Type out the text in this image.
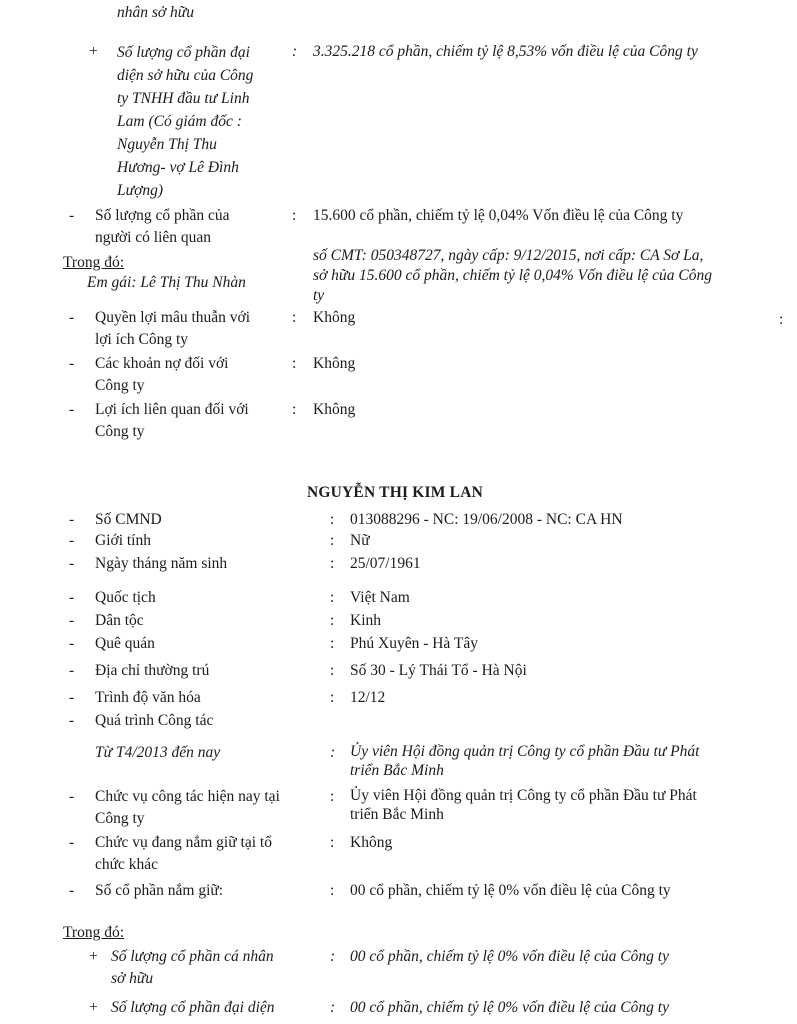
nhân sở hữu
+ Số lượng cổ phần đại
diện sở hữu của Công
ty TNHH đầu tư Linh
Lam (Có giám đốc :
Nguyễn Thị Thu
Hương- vợ Lê Đình
Lượng)
: 3.325.218 cổ phần, chiếm tỷ lệ 8,53% vốn điều lệ của Công ty
- Số lượng cổ phần của
người có liên quan
: 15.600 cổ phần, chiếm tỷ lệ 0,04% Vốn điều lệ của Công ty
Trong đó:
Em gái: Lê Thị Thu Nhàn
số CMT: 050348727, ngày cấp: 9/12/2015, nơi cấp: CA Sơ La,
sở hữu 15.600 cổ phần, chiếm tỷ lệ 0,04% Vốn điều lệ của Công
ty
- Quyền lợi mâu thuẫn với
lợi ích Công ty
: Không	:
- Các khoản nợ đối với
Công ty
: Không
- Lợi ích liên quan đối với
Công ty
: Không
NGUYỄN THỊ KIM LAN
- Số CMND	: 013088296 - NC: 19/06/2008 - NC: CA HN
- Giới tính	: Nữ
- Ngày tháng năm sinh	: 25/07/1961
- Quốc tịch	: Việt Nam
- Dân tộc	: Kinh
- Quê quán	: Phú Xuyên - Hà Tây
- Địa chỉ thường trú	: Số 30 - Lý Thái Tổ - Hà Nội
- Trình độ văn hóa	: 12/12
- Quá trình Công tác
Từ T4/2013 đến nay	: Ủy viên Hội đồng quản trị Công ty cổ phần Đầu tư Phát
triển Bắc Minh
- Chức vụ công tác hiện nay tại
Công ty
: Ủy viên Hội đồng quản trị Công ty cổ phần Đầu tư Phát
triển Bắc Minh
- Chức vụ đang nắm giữ tại tổ
chức khác
: Không
- Số cổ phần nắm giữ:	: 00 cổ phần, chiếm tỷ lệ 0% vốn điều lệ của Công ty
Trong đó:
+ Số lượng cổ phần cá nhân
sở hữu
: 00 cổ phần, chiếm tỷ lệ 0% vốn điều lệ của Công ty
+ Số lượng cổ phần đại diện	: 00 cổ phần, chiếm tỷ lệ 0% vốn điều lệ của Công ty
